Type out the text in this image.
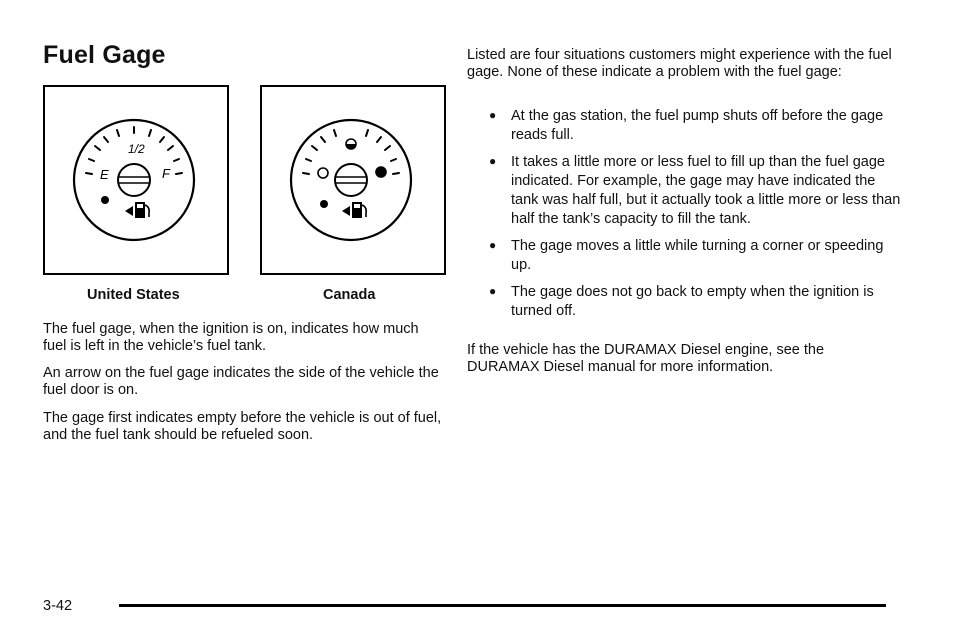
Fuel Gage
1/2
E	F
United States	Canada

The fuel gage, when the ignition is on, indicates how much fuel is left in the vehicle’s fuel tank.

An arrow on the fuel gage indicates the side of the vehicle the fuel door is on.

The gage first indicates empty before the vehicle is out of fuel, and the fuel tank should be refueled soon.

Listed are four situations customers might experience with the fuel gage. None of these indicate a problem with the fuel gage:

● At the gas station, the fuel pump shuts off before the gage reads full.
● It takes a little more or less fuel to fill up than the fuel gage indicated. For example, the gage may have indicated the tank was half full, but it actually took a little more or less than half the tank’s capacity to fill the tank.
● The gage moves a little while turning a corner or speeding up.
● The gage does not go back to empty when the ignition is turned off.

If the vehicle has the DURAMAX Diesel engine, see the DURAMAX Diesel manual for more information.

3-42
